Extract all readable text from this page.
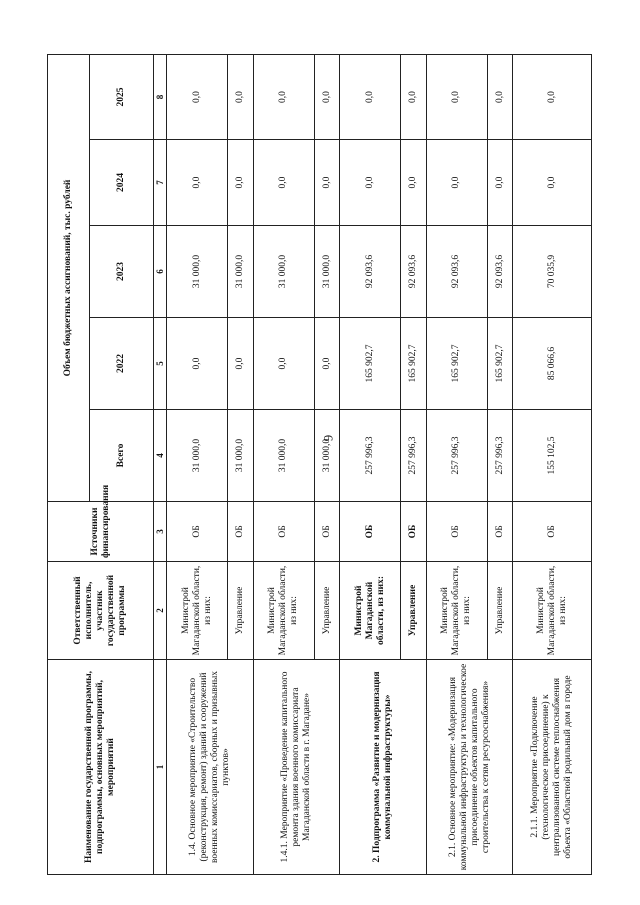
6
Наименование государственной программы, подпрограммы, основных мероприятий, мероприятий	Ответственный исполнитель, участник государственной программы	Источники финансирования	Объем бюджетных ассигнований, тыс. рублей				
			Всего	2022	2023	2024	2025
1	2	3	4	5	6	7	8
1.4. Основное мероприятие «Строительство (реконструкция, ремонт) зданий и сооружений военных комиссариатов, сборных и призывных пунктов»	Министрой Магаданской области, из них:	ОБ	31 000,0	0,0	31 000,0	0,0	0,0
	Управление	ОБ	31 000,0	0,0	31 000,0	0,0	0,0
1.4.1. Мероприятие «Проведение капитального ремонта здания военного комиссариата Магаданской области в г. Магадане»	Министрой Магаданской области, из них:	ОБ	31 000,0	0,0	31 000,0	0,0	0,0
	Управление	ОБ	31 000,0	0,0	31 000,0	0,0	0,0
2. Подпрограмма «Развитие и модернизация коммунальной инфраструктуры»	Министрой Магаданской области, из них:	ОБ	257 996,3	165 902,7	92 093,6	0,0	0,0
	Управление	ОБ	257 996,3	165 902,7	92 093,6	0,0	0,0
2.1. Основное мероприятие: «Модернизация коммунальной инфраструктуры и технологическое присоединение объектов капитального строительства к сетям ресурсоснабжения»	Министрой Магаданской области, из них:	ОБ	257 996,3	165 902,7	92 093,6	0,0	0,0
	Управление	ОБ	257 996,3	165 902,7	92 093,6	0,0	0,0
2.1.1. Мероприятие «Подключение (технологическое присоединение) к централизованной системе теплоснабжения объекта «Областной родильный дом в городе	Министрой Магаданской области, из них:	ОБ	155 102,5	85 066,6	70 035,9	0,0	0,0
